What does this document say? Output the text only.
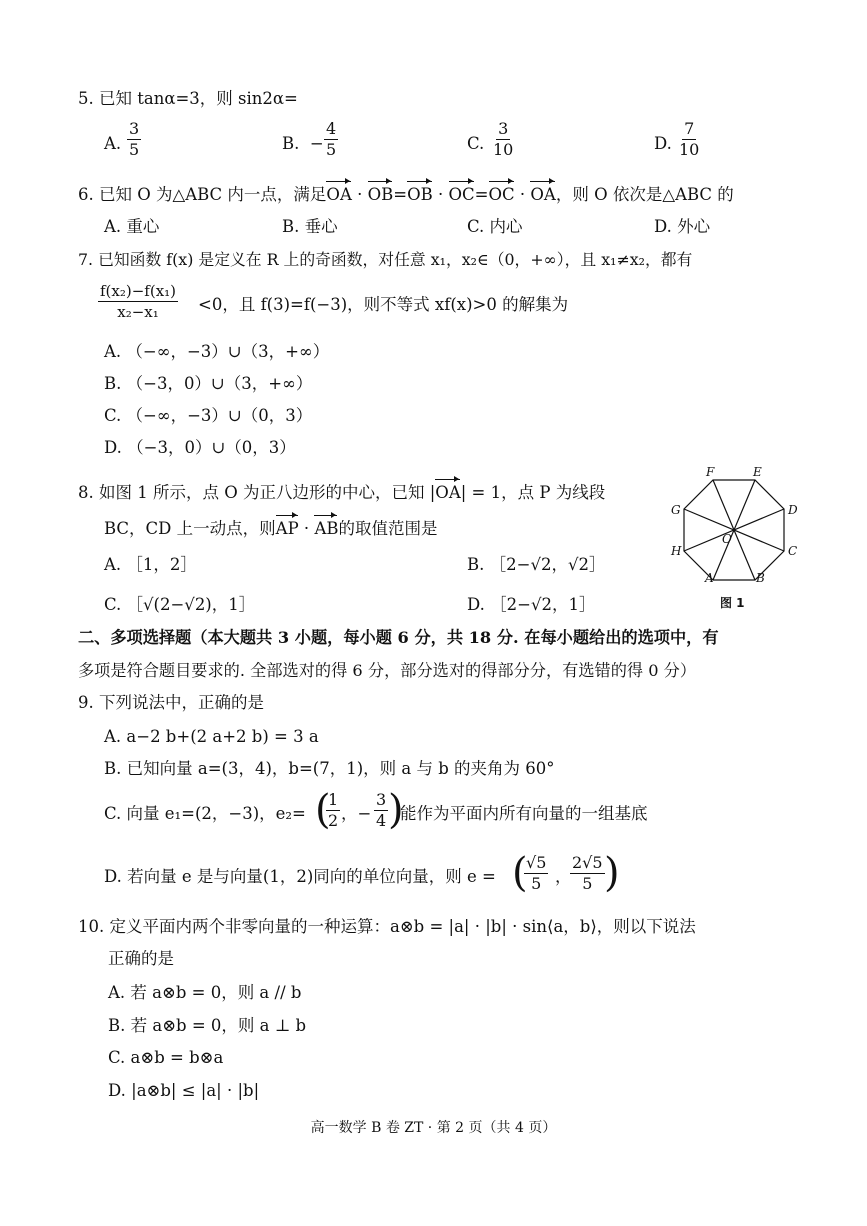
5. 已知 tanα=3，则 sin2α=
A. $\frac{3}{5}$	B. − $\frac{4}{5}$	C. $\frac{3}{10}$	D. $\frac{7}{10}$
6. 已知 O 为△ABC 内一点，满足OA · OB=OB · OC=OC · OA，则 O 依次是△ABC 的
A. 重心	B. 垂心	C. 内心	D. 外心
7. 已知函数 f(x) 是定义在 R 上的奇函数，对任意 x₁，x₂∈（0，+∞），且 x₁≠x₂，都有
$\frac{\text{f(x₂)−f(x₁)}}{\text{x₂−x₁}} <0$，且 f(3)=f(−3)，则不等式 xf(x)>0 的解集为
A. （−∞，−3）∪（3，+∞）
B. （−3，0）∪（3，+∞）
C. （−∞，−3）∪（0，3）
D. （−3，0）∪（0，3）
8. 如图 1 所示，点 O 为正八边形的中心，已知 |OA| = 1，点 P 为线段
BC，CD 上一动点，则AP · AB的取值范围是
A. ［1，2］	B. ［2−√2，√2］
C. ［√(2−√2)，1］	D. ［2−√2，1］
F	E
G	D
O
H	C
A	B
图 1
二、多项选择题（本大题共 3 小题，每小题 6 分，共 18 分. 在每小题给出的选项中，有
多项是符合题目要求的. 全部选对的得 6 分，部分选对的得部分分，有选错的得 0 分）
9. 下列说法中，正确的是
A. a−2 b+(2 a+2 b) = 3 a
B. 已知向量 a=(3，4)，b=(7，1)，则 a 与 b 的夹角为 60°
C. 向量 e₁=(2，−3)，e₂= (
$\frac{1}{2}$ ，− $\frac{3}{4}$ )
能作为平面内所有向量的一组基底
D. 若向量 e 是与向量(1，2)同向的单位向量，则 e = (
$\frac{√5}{5}$ ，
$\frac{2√5}{5}$ )
10. 定义平面内两个非零向量的一种运算：a⊗b = |a| · |b| · sin⟨a，b⟩，则以下说法
正确的是
A. 若 a⊗b = 0，则 a // b
B. 若 a⊗b = 0，则 a ⊥ b
C. a⊗b = b⊗a
D. |a⊗b| ≤ |a| · |b|
高一数学 B 卷 ZT · 第 2 页（共 4 页）
